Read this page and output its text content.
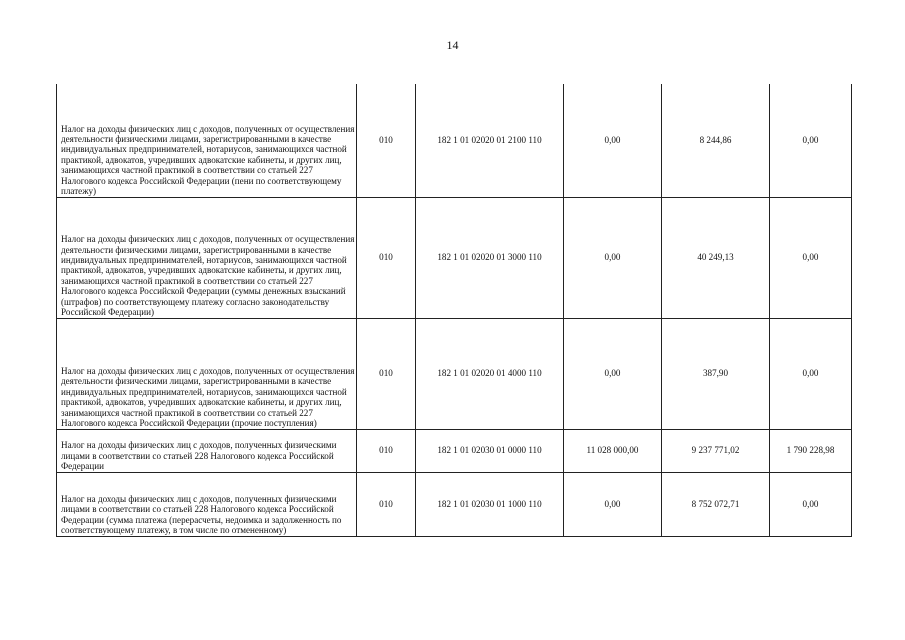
14
Налог на доходы физических лиц с доходов, полученных от осуществления деятельности физическими лицами, зарегистрированными в качестве индивидуальных предпринимателей, нотариусов, занимающихся частной практикой, адвокатов, учредивших адвокатские кабинеты, и других лиц, занимающихся частной практикой в соответствии со статьей 227 Налогового кодекса Российской Федерации (пени по соответствующему платежу)	010	182 1 01 02020 01 2100 110	0,00	8 244,86	0,00
Налог на доходы физических лиц с доходов, полученных от осуществления деятельности физическими лицами, зарегистрированными в качестве индивидуальных предпринимателей, нотариусов, занимающихся частной практикой, адвокатов, учредивших адвокатские кабинеты, и других лиц, занимающихся частной практикой в соответствии со статьей 227 Налогового кодекса Российской Федерации (суммы денежных взысканий (штрафов) по соответствующему платежу согласно законодательству Российской Федерации)	010	182 1 01 02020 01 3000 110	0,00	40 249,13	0,00
Налог на доходы физических лиц с доходов, полученных от осуществления деятельности физическими лицами, зарегистрированными в качестве индивидуальных предпринимателей, нотариусов, занимающихся частной практикой, адвокатов, учредивших адвокатские кабинеты, и других лиц, занимающихся частной практикой в соответствии со статьей 227 Налогового кодекса Российской Федерации (прочие поступления)	010	182 1 01 02020 01 4000 110	0,00	387,90	0,00
Налог на доходы физических лиц с доходов, полученных физическими лицами в соответствии со статьей 228 Налогового кодекса Российской Федерации	010	182 1 01 02030 01 0000 110	11 028 000,00	9 237 771,02	1 790 228,98
Налог на доходы физических лиц с доходов, полученных физическими лицами в соответствии со статьей 228 Налогового кодекса Российской Федерации (сумма платежа (перерасчеты, недоимка и задолженность по соответствующему платежу, в том числе по отмененному)	010	182 1 01 02030 01 1000 110	0,00	8 752 072,71	0,00
